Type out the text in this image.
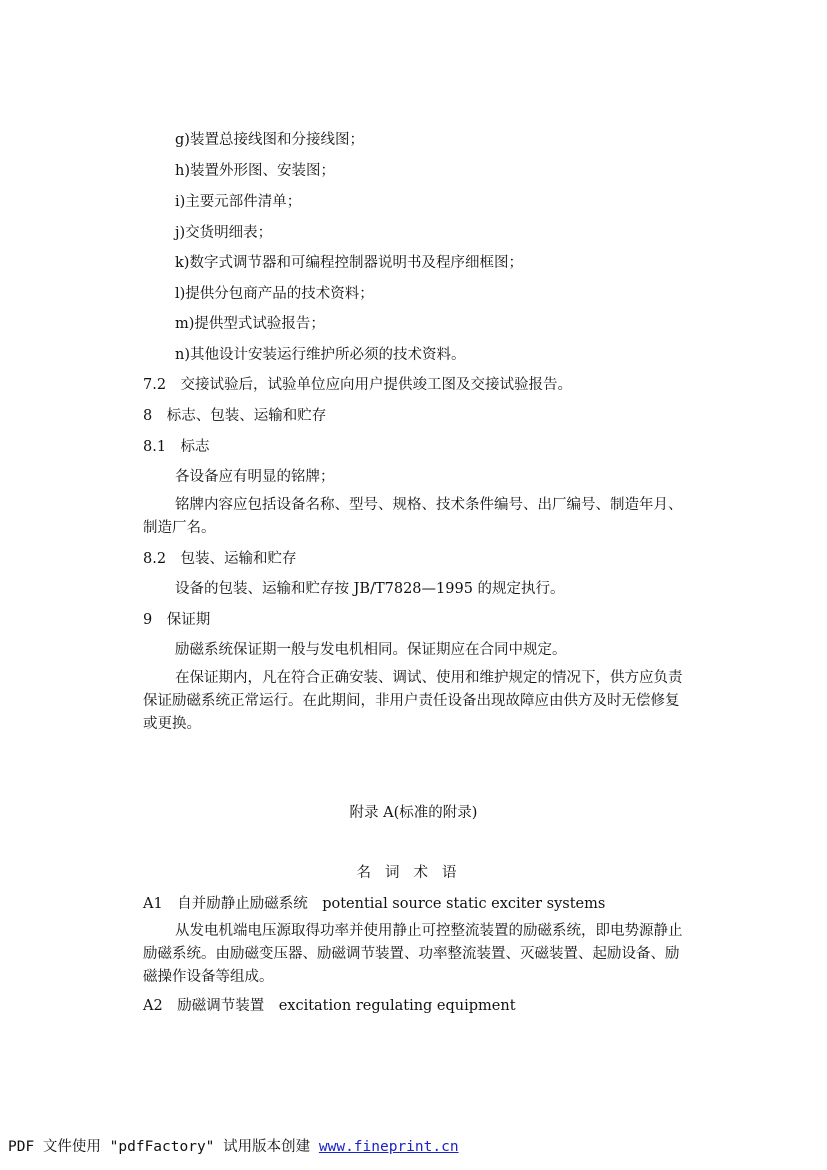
g)装置总接线图和分接线图；
h)装置外形图、安装图；
i)主要元部件清单；
j)交货明细表；
k)数字式调节器和可编程控制器说明书及程序细框图；
l)提供分包商产品的技术资料；
m)提供型式试验报告；
n)其他设计安装运行维护所必须的技术资料。
7.2　交接试验后，试验单位应向用户提供竣工图及交接试验报告。
8　标志、包装、运输和贮存
8.1　标志
各设备应有明显的铭牌；
铭牌内容应包括设备名称、型号、规格、技术条件编号、出厂编号、制造年月、制造厂名。
8.2　包装、运输和贮存
设备的包装、运输和贮存按 JB/T7828—1995 的规定执行。
9　保证期
励磁系统保证期一般与发电机相同。保证期应在合同中规定。
在保证期内，凡在符合正确安装、调试、使用和维护规定的情况下，供方应负责保证励磁系统正常运行。在此期间，非用户责任设备出现故障应由供方及时无偿修复或更换。
附录 A(标准的附录)
名词术语
A1　自并励静止励磁系统　potential source static exciter systems
从发电机端电压源取得功率并使用静止可控整流装置的励磁系统，即电势源静止励磁系统。由励磁变压器、励磁调节装置、功率整流装置、灭磁装置、起励设备、励磁操作设备等组成。
A2　励磁调节装置　excitation regulating equipment
PDF 文件使用 "pdfFactory" 试用版本创建 www.fineprint.cn
